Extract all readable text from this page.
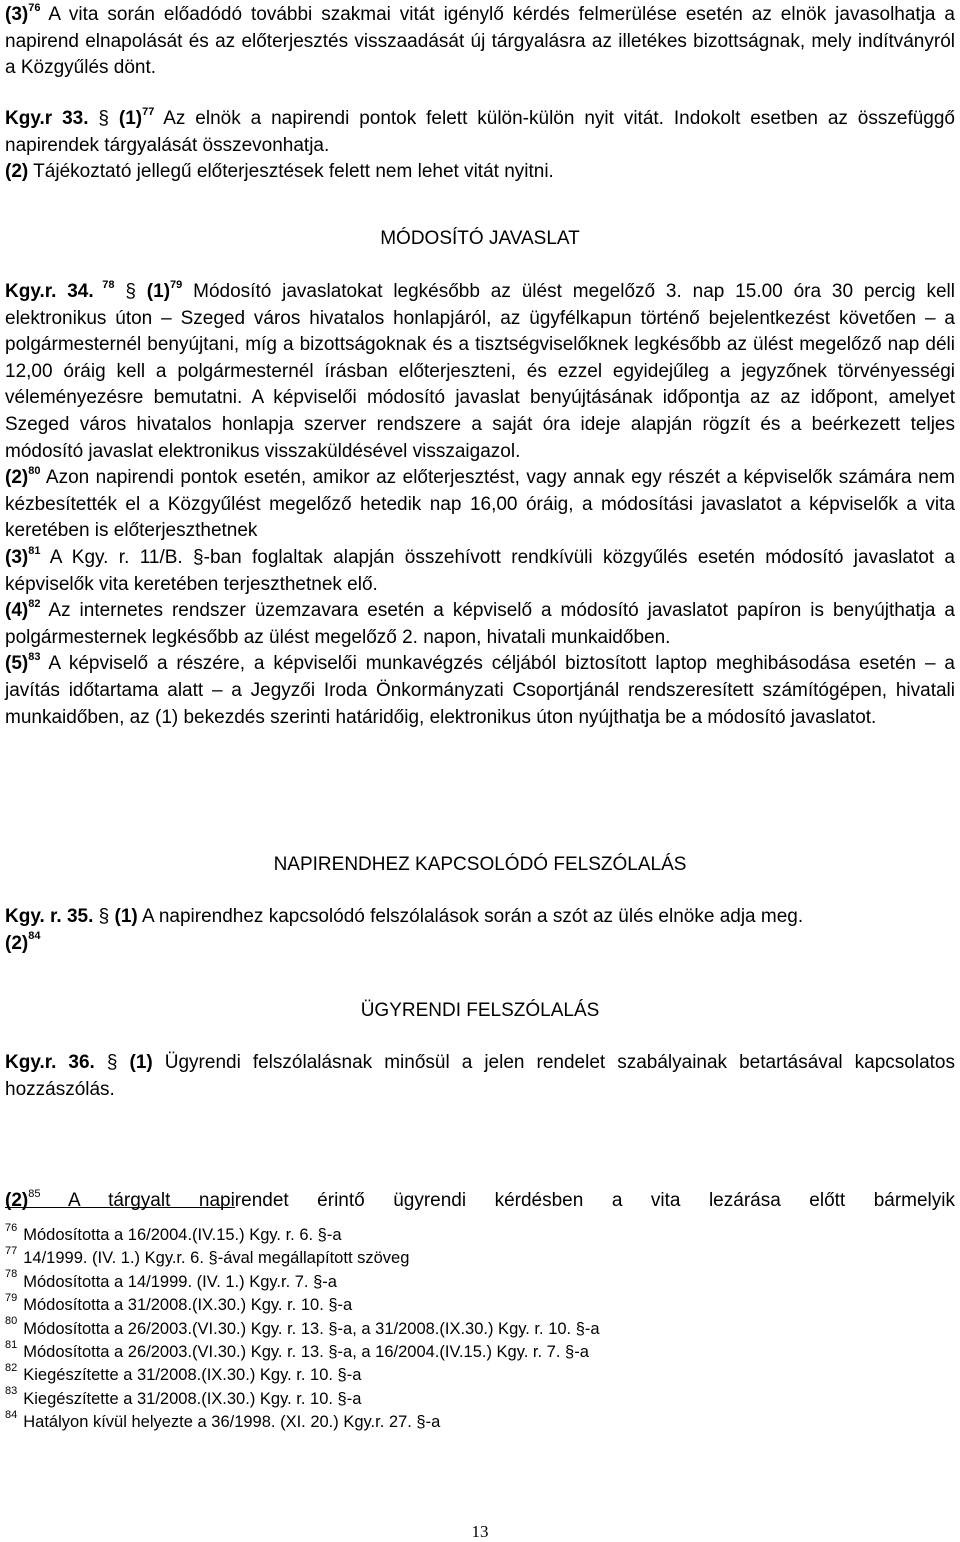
$(3)^{76}$ A vita során előadódó további szakmai vitát igénylő kérdés felmerülése esetén az elnök javasolhatja a napirend elnapolását és az előterjesztés visszaadását új tárgyalásra az illetékes bizottságnak, mely indítványról a Közgyűlés dönt.

Kgy.r 33. § $(1)^{77}$ Az elnök a napirendi pontok felett külön-külön nyit vitát. Indokolt esetben az összefüggő napirendek tárgyalását összevonhatja.

(2) Tájékoztató jellegű előterjesztések felett nem lehet vitát nyitni.

MÓDOSÍTÓ JAVASLAT

Kgy.r. 34. $^{78}$ § $(1)^{79}$ Módosító javaslatokat legkésőbb az ülést megelőző 3. nap 15.00 óra 30 percig kell elektronikus úton – Szeged város hivatalos honlapjáról, az ügyfélkapun történő bejelentkezést követően – a polgármesternél benyújtani, míg a bizottságoknak és a tisztségviselőknek legkésőbb az ülést megelőző nap déli 12,00 óráig kell a polgármesternél írásban előterjeszteni, és ezzel egyidejűleg a jegyzőnek törvényességi véleményezésre bemutatni. A képviselői módosító javaslat benyújtásának időpontja az az időpont, amelyet Szeged város hivatalos honlapja szerver rendszere a saját óra ideje alapján rögzít és a beérkezett teljes módosító javaslat elektronikus visszaküldésével visszaigazol.

$(2)^{80}$ Azon napirendi pontok esetén, amikor az előterjesztést, vagy annak egy részét a képviselők számára nem kézbesítették el a Közgyűlést megelőző hetedik nap 16,00 óráig, a módosítási javaslatot a képviselők a vita keretében is előterjeszthetnek

$(3)^{81}$ A Kgy. r. 11/B. §-ban foglaltak alapján összehívott rendkívüli közgyűlés esetén módosító javaslatot a képviselők vita keretében terjeszthetnek elő.

$(4)^{82}$ Az internetes rendszer üzemzavara esetén a képviselő a módosító javaslatot papíron is benyújthatja a polgármesternek legkésőbb az ülést megelőző 2. napon, hivatali munkaidőben.

$(5)^{83}$ A képviselő a részére, a képviselői munkavégzés céljából biztosított laptop meghibásodása esetén – a javítás időtartama alatt – a Jegyzői Iroda Önkormányzati Csoportjánál rendszeresített számítógépen, hivatali munkaidőben, az (1) bekezdés szerinti határidőig, elektronikus úton nyújthatja be a módosító javaslatot.

NAPIRENDHEZ KAPCSOLÓDÓ FELSZÓLALÁS

Kgy. r. 35. § (1) A napirendhez kapcsolódó felszólalások során a szót az ülés elnöke adja meg.

$(2)^{84}$

ÜGYRENDI FELSZÓLALÁS

Kgy.r. 36. § (1) Ügyrendi felszólalásnak minősül a jelen rendelet szabályainak betartásával kapcsolatos hozzászólás.

$(2)^{85}$ A tárgyalt napirendet érintő ügyrendi kérdésben a vita lezárása előtt bármelyik

$^{76}$ Módosította a 16/2004.(IV.15.) Kgy. r. 6. §-a
$^{77}$ 14/1999. (IV. 1.) Kgy.r. 6. §-ával megállapított szöveg
$^{78}$ Módosította a 14/1999. (IV. 1.) Kgy.r. 7. §-a
$^{79}$ Módosította a 31/2008.(IX.30.) Kgy. r. 10. §-a
$^{80}$ Módosította a 26/2003.(VI.30.) Kgy. r. 13. §-a, a 31/2008.(IX.30.) Kgy. r. 10. §-a
$^{81}$ Módosította a 26/2003.(VI.30.) Kgy. r. 13. §-a, a 16/2004.(IV.15.) Kgy. r. 7. §-a
$^{82}$ Kiegészítette a 31/2008.(IX.30.) Kgy. r. 10. §-a
$^{83}$ Kiegészítette a 31/2008.(IX.30.) Kgy. r. 10. §-a
$^{84}$ Hatályon kívül helyezte a 36/1998. (XI. 20.) Kgy.r. 27. §-a
13
